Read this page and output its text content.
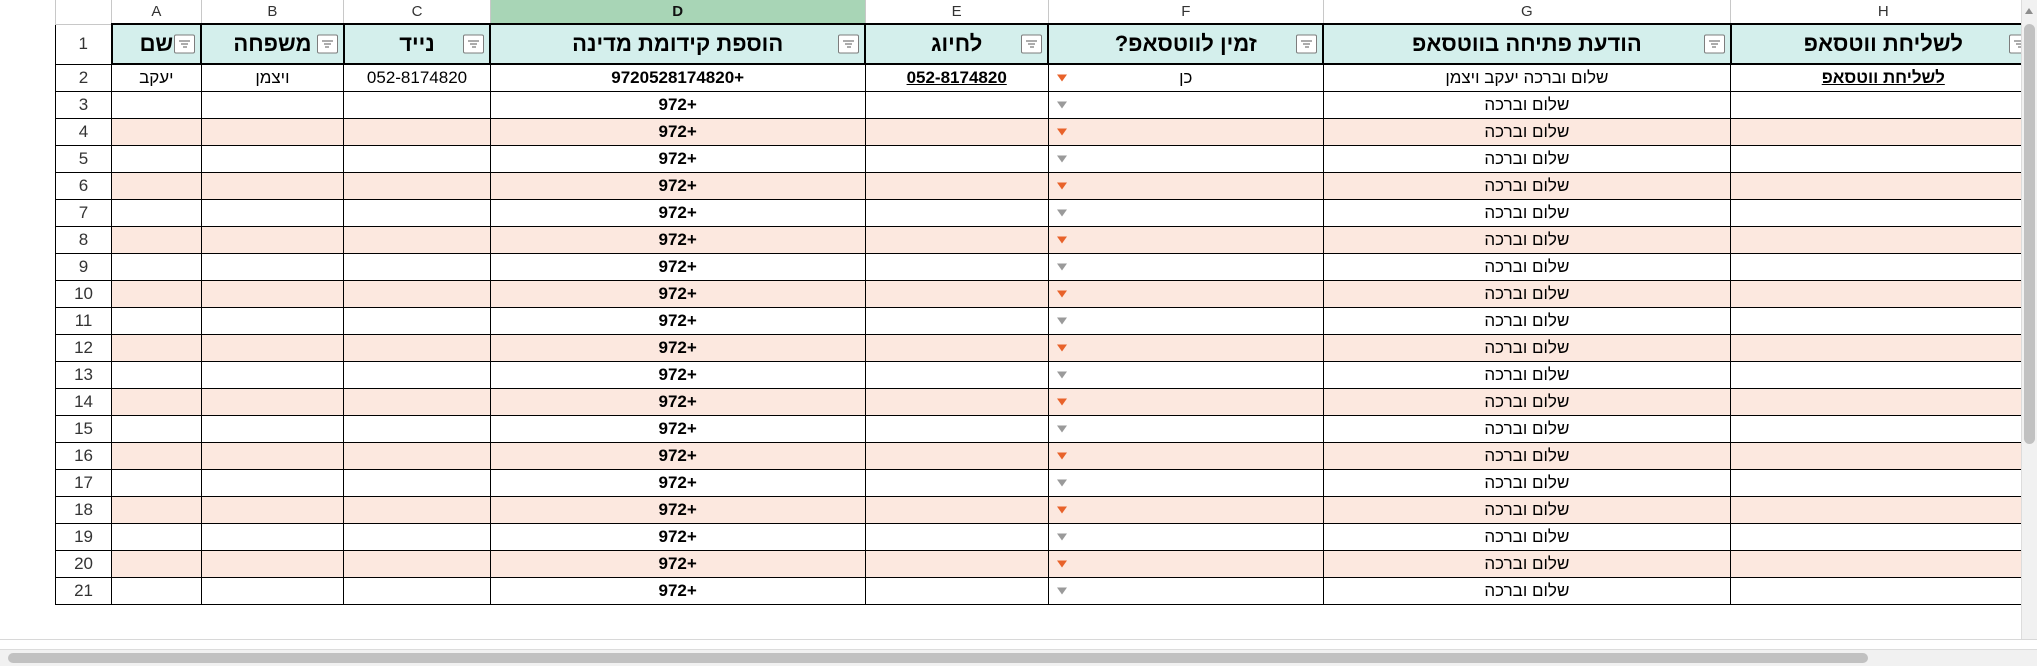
H	G	F	E	D	C	B	A	

לשליחת ווטסאפ	הודעת פתיחה בווטסאפ	זמין לווטסאפ?	לחיוג	הוספת קידומת מדינה	נייד	משפחה	שם	1
לשליחת ווטסאפ	שלום וברכה יעקב ויצמן	כן	052-8174820	+9720528174820	052-8174820	ויצמן	יעקב	2
	שלום וברכה			+972				3
	שלום וברכה			+972				4
	שלום וברכה			+972				5
	שלום וברכה			+972				6
	שלום וברכה			+972				7
	שלום וברכה			+972				8
	שלום וברכה			+972				9
	שלום וברכה			+972				10
	שלום וברכה			+972				11
	שלום וברכה			+972				12
	שלום וברכה			+972				13
	שלום וברכה			+972				14
	שלום וברכה			+972				15
	שלום וברכה			+972				16
	שלום וברכה			+972				17
	שלום וברכה			+972				18
	שלום וברכה			+972				19
	שלום וברכה			+972				20
	שלום וברכה			+972				21
